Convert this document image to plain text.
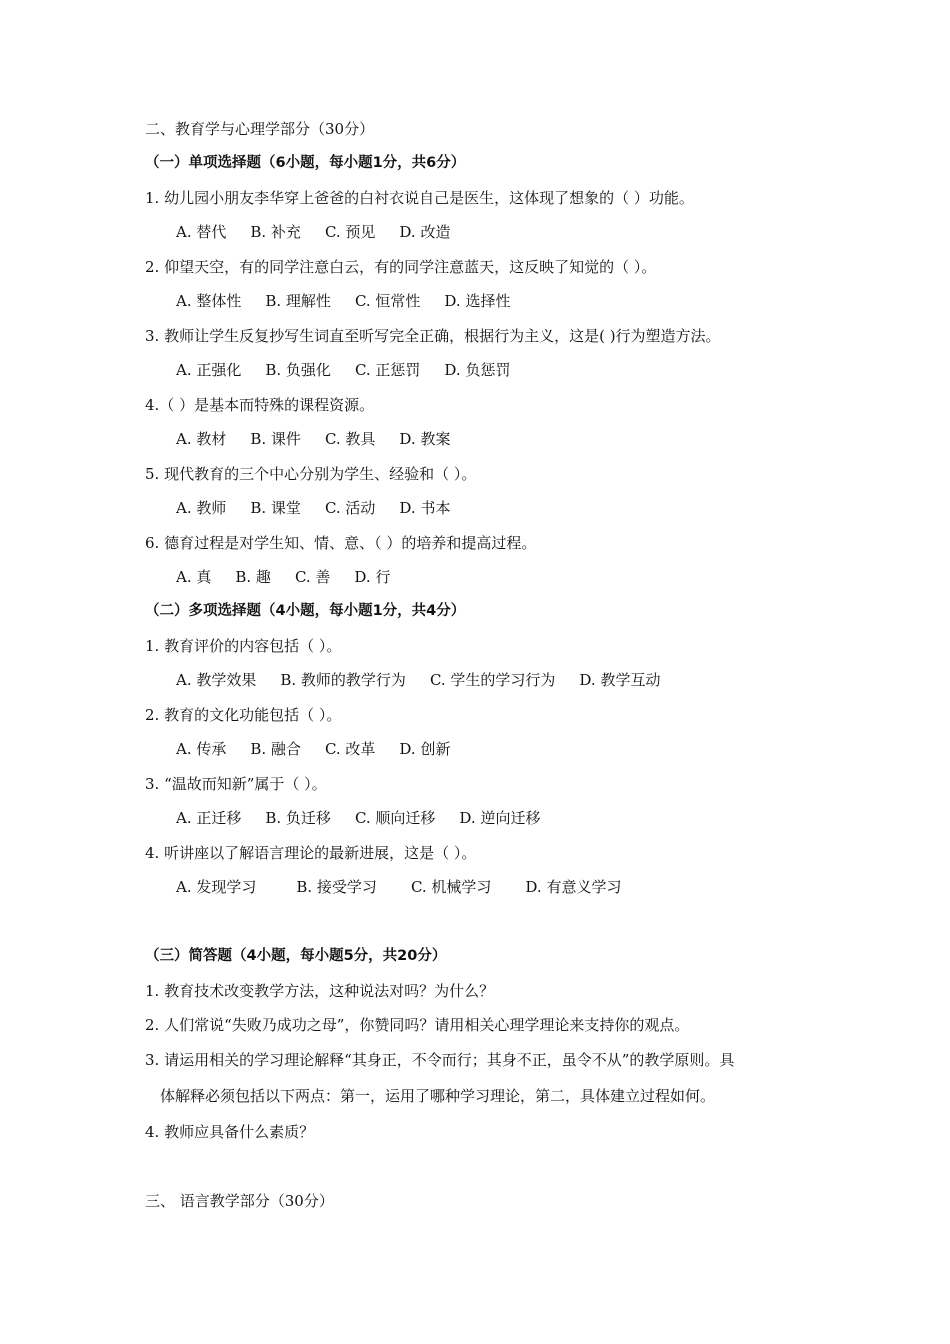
二、教育学与心理学部分（30分）
（一）单项选择题（6小题，每小题1分，共6分）
1. 幼儿园小朋友李华穿上爸爸的白衬衣说自己是医生，这体现了想象的（ ）功能。
A. 替代 B. 补充 C. 预见 D. 改造
2. 仰望天空，有的同学注意白云，有的同学注意蓝天，这反映了知觉的（ ）。
A. 整体性 B. 理解性 C. 恒常性 D. 选择性
3. 教师让学生反复抄写生词直至听写完全正确，根据行为主义，这是( )行为塑造方法。
A. 正强化 B. 负强化 C. 正惩罚 D. 负惩罚
4.（ ）是基本而特殊的课程资源。
A. 教材 B. 课件 C. 教具 D. 教案
5. 现代教育的三个中心分别为学生、经验和（ ）。
A. 教师 B. 课堂 C. 活动 D. 书本
6. 德育过程是对学生知、情、意、（ ）的培养和提高过程。
A. 真 B. 趣 C. 善 D. 行
（二）多项选择题（4小题，每小题1分，共4分）
1. 教育评价的内容包括（ ）。
A. 教学效果 B. 教师的教学行为 C. 学生的学习行为 D. 教学互动
2. 教育的文化功能包括（ ）。
A. 传承 B. 融合 C. 改革 D. 创新
3. “温故而知新”属于（ ）。
A. 正迁移 B. 负迁移 C. 顺向迁移 D. 逆向迁移
4. 听讲座以了解语言理论的最新进展，这是（ ）。
A. 发现学习	B. 接受学习 C. 机械学习 D. 有意义学习
（三）简答题（4小题，每小题5分，共20分）
1. 教育技术改变教学方法，这种说法对吗？为什么？
2. 人们常说“失败乃成功之母”，你赞同吗？请用相关心理学理论来支持你的观点。
3. 请运用相关的学习理论解释“其身正，不令而行；其身不正，虽令不从”的教学原则。具
体解释必须包括以下两点：第一，运用了哪种学习理论，第二，具体建立过程如何。
4. 教师应具备什么素质？
三、 语言教学部分（30分）
